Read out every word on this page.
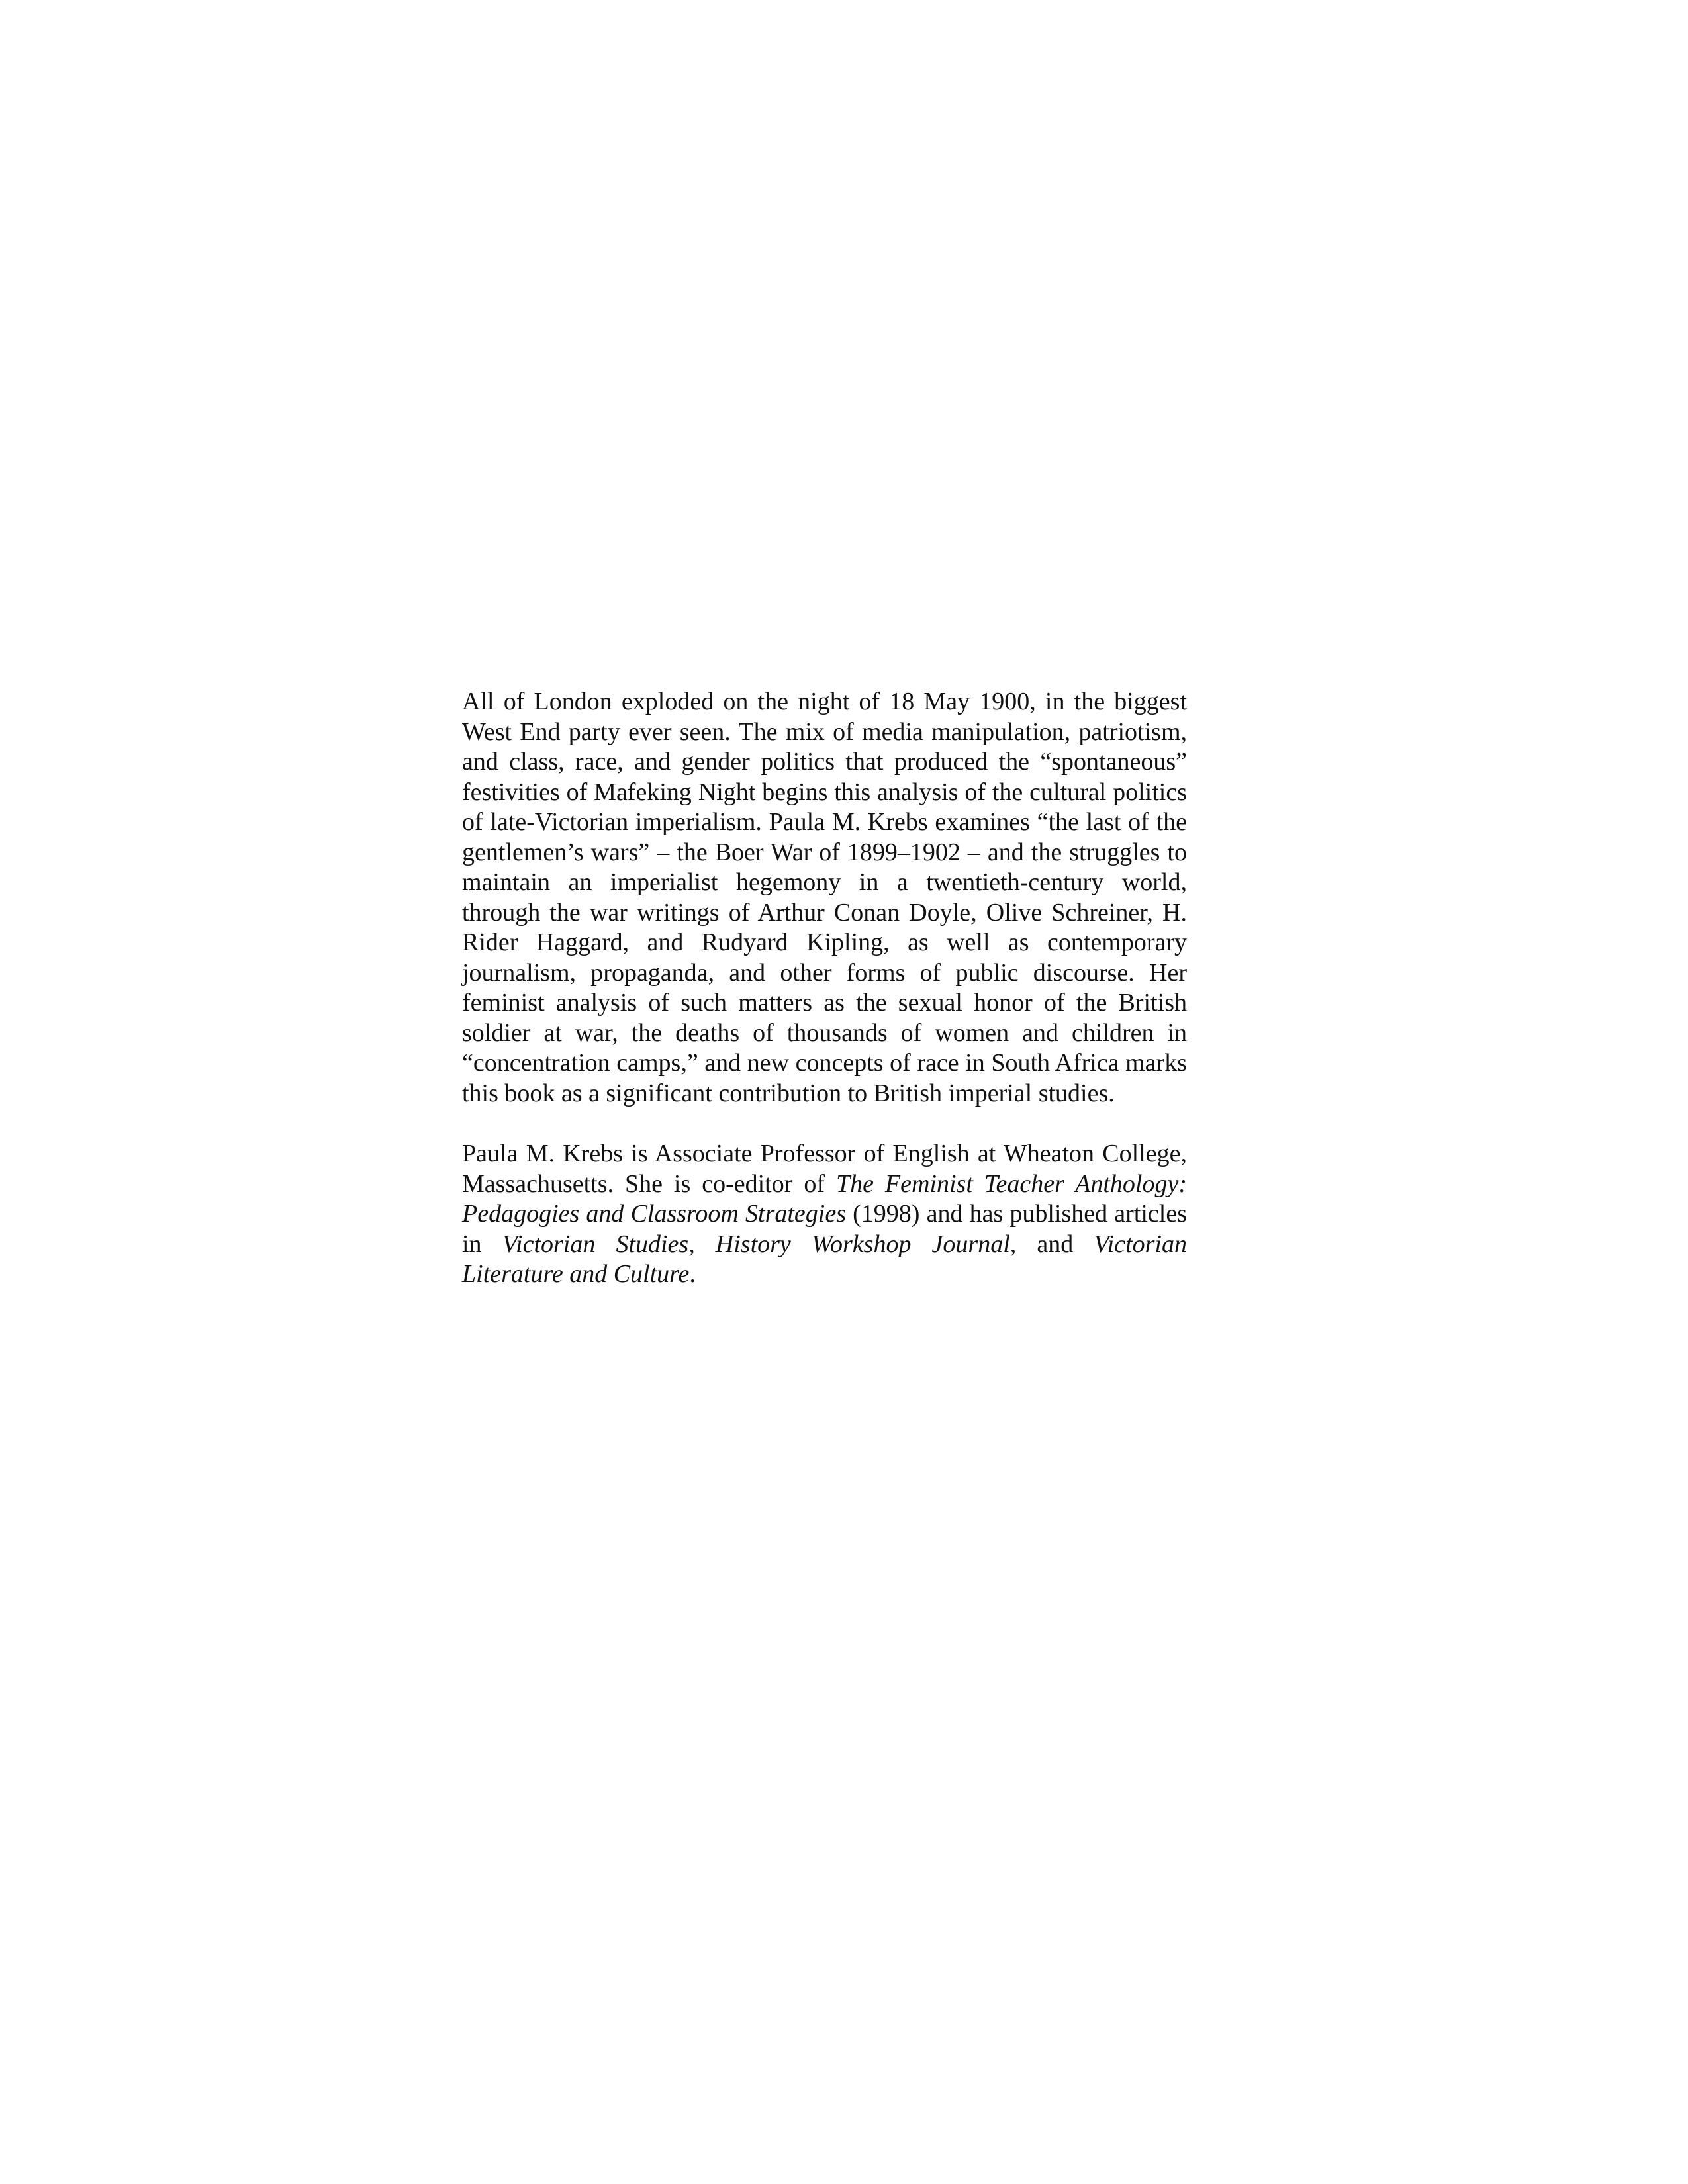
All of London exploded on the night of 18 May 1900, in the biggest West End party ever seen. The mix of media manipulation, patriotism, and class, race, and gender politics that produced the “spontaneous” festivities of Mafeking Night begins this analysis of the cultural politics of late-Victorian imperialism. Paula M. Krebs examines “the last of the gentlemen’s wars” – the Boer War of 1899–1902 – and the struggles to maintain an imperialist hegemony in a twentieth-century world, through the war writings of Arthur Conan Doyle, Olive Schreiner, H. Rider Haggard, and Rudyard Kipling, as well as contemporary journalism, propaganda, and other forms of public discourse. Her feminist analysis of such matters as the sexual honor of the British soldier at war, the deaths of thousands of women and children in “concentration camps,” and new concepts of race in South Africa marks this book as a significant contribution to British imperial studies.

Paula M. Krebs is Associate Professor of English at Wheaton College, Massachusetts. She is co-editor of The Feminist Teacher Anthology: Pedagogies and Classroom Strategies (1998) and has published articles in Victorian Studies, History Workshop Journal, and Victorian Literature and Culture.
